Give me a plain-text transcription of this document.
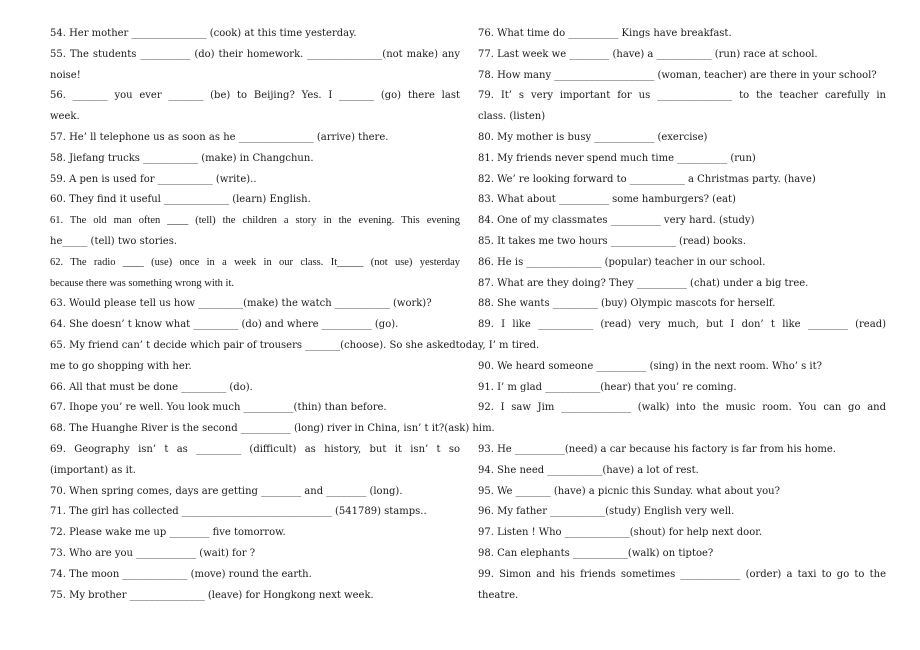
54. Her mother _______________ (cook) at this time yesterday.
55. The students __________ (do) their homework. _______________(not make) any
noise!
56. _______ you ever _______ (be) to Beijing? Yes. I _______ (go) there last
week.
57. He’ ll telephone us as soon as he _______________ (arrive) there.
58. Jiefang trucks ___________ (make) in Changchun.
59. A pen is used for ___________ (write)..
60. They find it useful _____________ (learn) English.
61. The old man often ____ (tell) the children a story in the evening. This evening
he_____ (tell) two stories.
62. The radio ____ (use) once in a week in our class. It_____ (not use) yesterday
because there was something wrong with it.
63. Would please tell us how _________(make) the watch ___________ (work)?
64. She doesn’ t know what _________ (do) and where __________ (go).
65. My friend can’ t decide which pair of trousers _______(choose). So she askedtoday, I’ m tired.
me to go shopping with her.
66. All that must be done _________ (do).
67. Ihope you’ re well. You look much __________(thin) than before.
68. The Huanghe River is the second __________ (long) river in China, isn’ t it?(ask) him.
69. Geography isn’ t as _________ (difficult) as history, but it isn’ t so
(important) as it.
70. When spring comes, days are getting ________ and ________ (long).
71. The girl has collected ______________________________ (541789) stamps..
72. Please wake me up ________ five tomorrow.
73. Who are you ____________ (wait) for ?
74. The moon _____________ (move) round the earth.
75. My brother _______________ (leave) for Hongkong next week.
76. What time do __________ Kings have breakfast.
77. Last week we ________ (have) a ___________ (run) race at school.
78. How many ____________________ (woman, teacher) are there in your school?
79. It’ s very important for us _______________ to the teacher carefully in
class. (listen)
80. My mother is busy ____________ (exercise)
81. My friends never spend much time __________ (run)
82. We’ re looking forward to ___________ a Christmas party. (have)
83. What about __________ some hamburgers? (eat)
84. One of my classmates __________ very hard. (study)
85. It takes me two hours _____________ (read) books.
86. He is _______________ (popular) teacher in our school.
87. What are they doing? They __________ (chat) under a big tree.
88. She wants _________ (buy) Olympic mascots for herself.
89. I like ___________ (read) very much, but I don’ t like ________ (read)
90. We heard someone __________ (sing) in the next room. Who’ s it?
91. I’ m glad ___________(hear) that you’ re coming.
92. I saw Jim ______________ (walk) into the music room. You can go and
93. He __________(need) a car because his factory is far from his home.
94. She need ___________(have) a lot of rest.
95. We _______ (have) a picnic this Sunday. what about you?
96. My father ___________(study) English very well.
97. Listen ! Who _____________(shout) for help next door.
98. Can elephants ___________(walk) on tiptoe?
99. Simon and his friends sometimes ____________ (order) a taxi to go to the
theatre.
